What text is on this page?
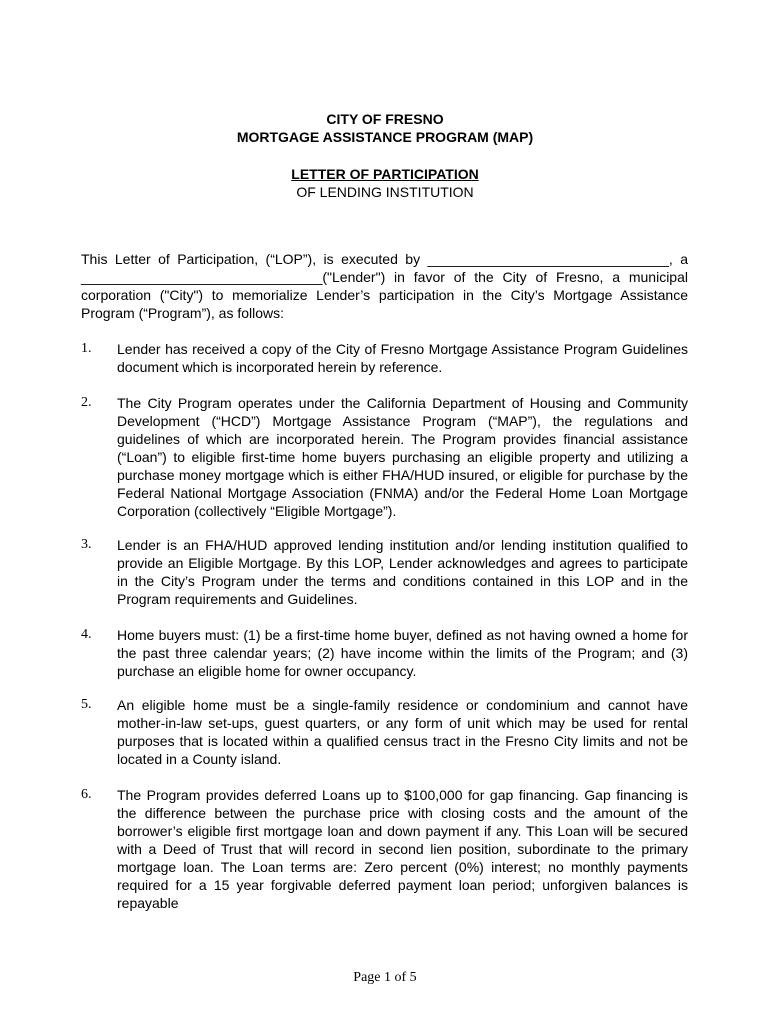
CITY OF FRESNO
MORTGAGE ASSISTANCE PROGRAM (MAP)
LETTER OF PARTICIPATION
OF LENDING INSTITUTION
This Letter of Participation, (“LOP”), is executed by _______________________________, a _______________________________("Lender") in favor of the City of Fresno, a municipal corporation ("City") to memorialize Lender’s participation in the City’s Mortgage Assistance Program (“Program”), as follows:
1. Lender has received a copy of the City of Fresno Mortgage Assistance Program Guidelines document which is incorporated herein by reference.
2. The City Program operates under the California Department of Housing and Community Development (“HCD”) Mortgage Assistance Program (“MAP”), the regulations and guidelines of which are incorporated herein. The Program provides financial assistance (“Loan”) to eligible first-time home buyers purchasing an eligible property and utilizing a purchase money mortgage which is either FHA/HUD insured, or eligible for purchase by the Federal National Mortgage Association (FNMA) and/or the Federal Home Loan Mortgage Corporation (collectively “Eligible Mortgage”).
3. Lender is an FHA/HUD approved lending institution and/or lending institution qualified to provide an Eligible Mortgage. By this LOP, Lender acknowledges and agrees to participate in the City’s Program under the terms and conditions contained in this LOP and in the Program requirements and Guidelines.
4. Home buyers must: (1) be a first-time home buyer, defined as not having owned a home for the past three calendar years; (2) have income within the limits of the Program; and (3) purchase an eligible home for owner occupancy.
5. An eligible home must be a single-family residence or condominium and cannot have mother-in-law set-ups, guest quarters, or any form of unit which may be used for rental purposes that is located within a qualified census tract in the Fresno City limits and not be located in a County island.
6. The Program provides deferred Loans up to $100,000 for gap financing. Gap financing is the difference between the purchase price with closing costs and the amount of the borrower’s eligible first mortgage loan and down payment if any. This Loan will be secured with a Deed of Trust that will record in second lien position, subordinate to the primary mortgage loan. The Loan terms are: Zero percent (0%) interest; no monthly payments required for a 15 year forgivable deferred payment loan period; unforgiven balances is repayable
Page 1 of 5
